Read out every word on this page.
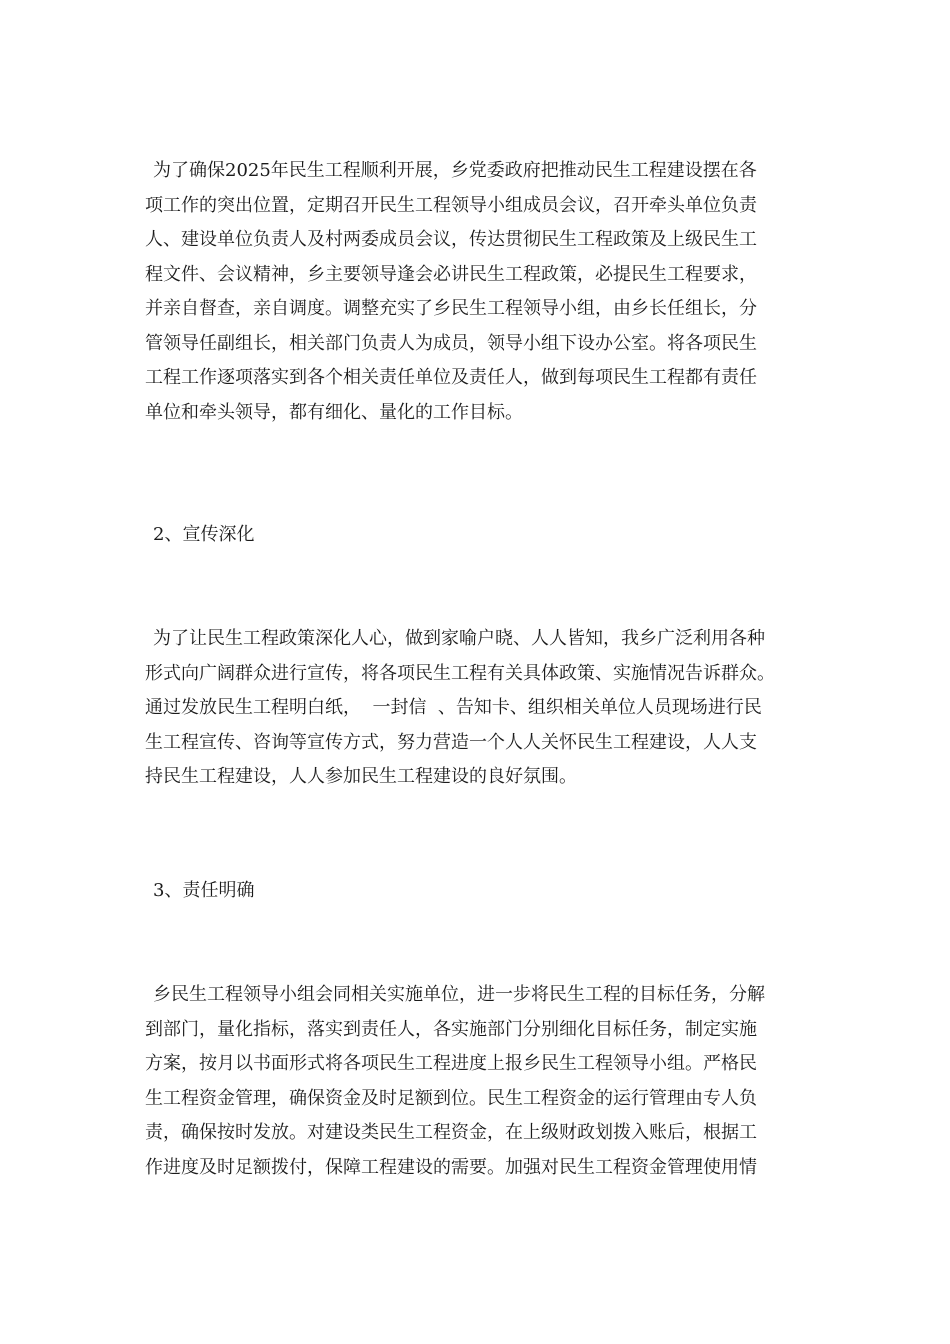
为了确保2025年民生工程顺利开展，乡党委政府把推动民生工程建设摆在各
项工作的突出位置，定期召开民生工程领导小组成员会议，召开牵头单位负责
人、建设单位负责人及村两委成员会议，传达贯彻民生工程政策及上级民生工
程文件、会议精神，乡主要领导逢会必讲民生工程政策，必提民生工程要求，
并亲自督查，亲自调度。调整充实了乡民生工程领导小组，由乡长任组长，分
管领导任副组长，相关部门负责人为成员，领导小组下设办公室。将各项民生
工程工作逐项落实到各个相关责任单位及责任人，做到每项民生工程都有责任
单位和牵头领导，都有细化、量化的工作目标。
2、宣传深化
为了让民生工程政策深化人心，做到家喻户晓、人人皆知，我乡广泛利用各种
形式向广阔群众进行宣传，将各项民生工程有关具体政策、实施情况告诉群众。
通过发放民生工程明白纸，  一封信  、告知卡、组织相关单位人员现场进行民
生工程宣传、咨询等宣传方式，努力营造一个人人关怀民生工程建设，人人支
持民生工程建设，人人参加民生工程建设的良好氛围。
3、责任明确
乡民生工程领导小组会同相关实施单位，进一步将民生工程的目标任务，分解
到部门，量化指标，落实到责任人，各实施部门分别细化目标任务，制定实施
方案，按月以书面形式将各项民生工程进度上报乡民生工程领导小组。严格民
生工程资金管理，确保资金及时足额到位。民生工程资金的运行管理由专人负
责，确保按时发放。对建设类民生工程资金，在上级财政划拨入账后，根据工
作进度及时足额拨付，保障工程建设的需要。加强对民生工程资金管理使用情
